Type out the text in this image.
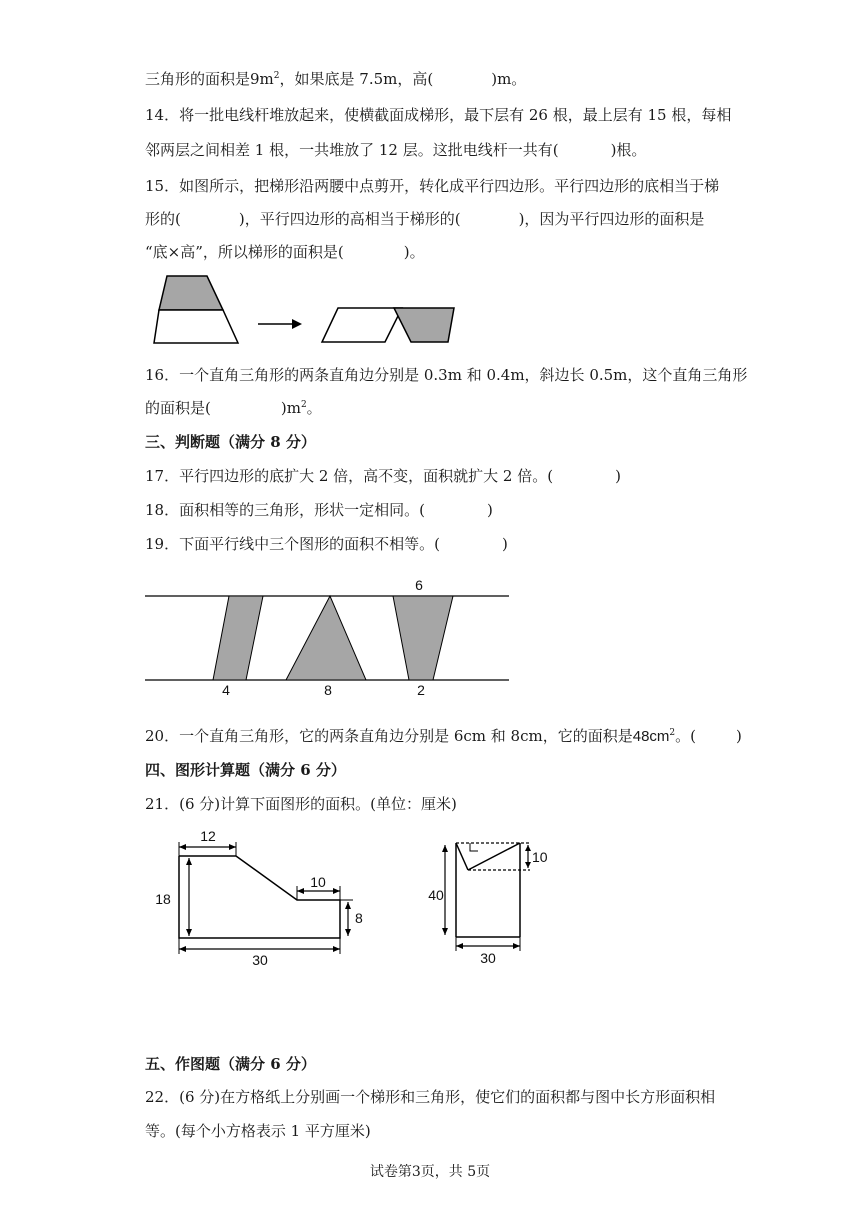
三角形的面积是$9m^2$，如果底是 7.5m，高(	)m。
14．将一批电线杆堆放起来，使横截面成梯形，最下层有 26 根，最上层有 15 根，每相
邻两层之间相差 1 根，一共堆放了 12 层。这批电线杆一共有(	)根。
15．如图所示，把梯形沿两腰中点剪开，转化成平行四边形。平行四边形的底相当于梯
形的(	)，平行四边形的高相当于梯形的(	)，因为平行四边形的面积是
“底×高”，所以梯形的面积是(	)。
16．一个直角三角形的两条直角边分别是 0.3m 和 0.4m，斜边长 0.5m，这个直角三角形
的面积是(	)$m^2$。
三、判断题（满分 8 分）
17．平行四边形的底扩大 2 倍，高不变，面积就扩大 2 倍。(	)
18．面积相等的三角形，形状一定相同。(	)
19．下面平行线中三个图形的面积不相等。(	)
6
4	8	2
20．一个直角三角形，它的两条直角边分别是 6cm 和 8cm，它的面积是$48cm^2$。(	)
四、图形计算题（满分 6 分）
21．(6 分)计算下面图形的面积。(单位：厘米)
12
18
10
8
30
40
10
30
五、作图题（满分 6 分）
22．(6 分)在方格纸上分别画一个梯形和三角形，使它们的面积都与图中长方形面积相
等。(每个小方格表示 1 平方厘米)
试卷第3页，共 5页
